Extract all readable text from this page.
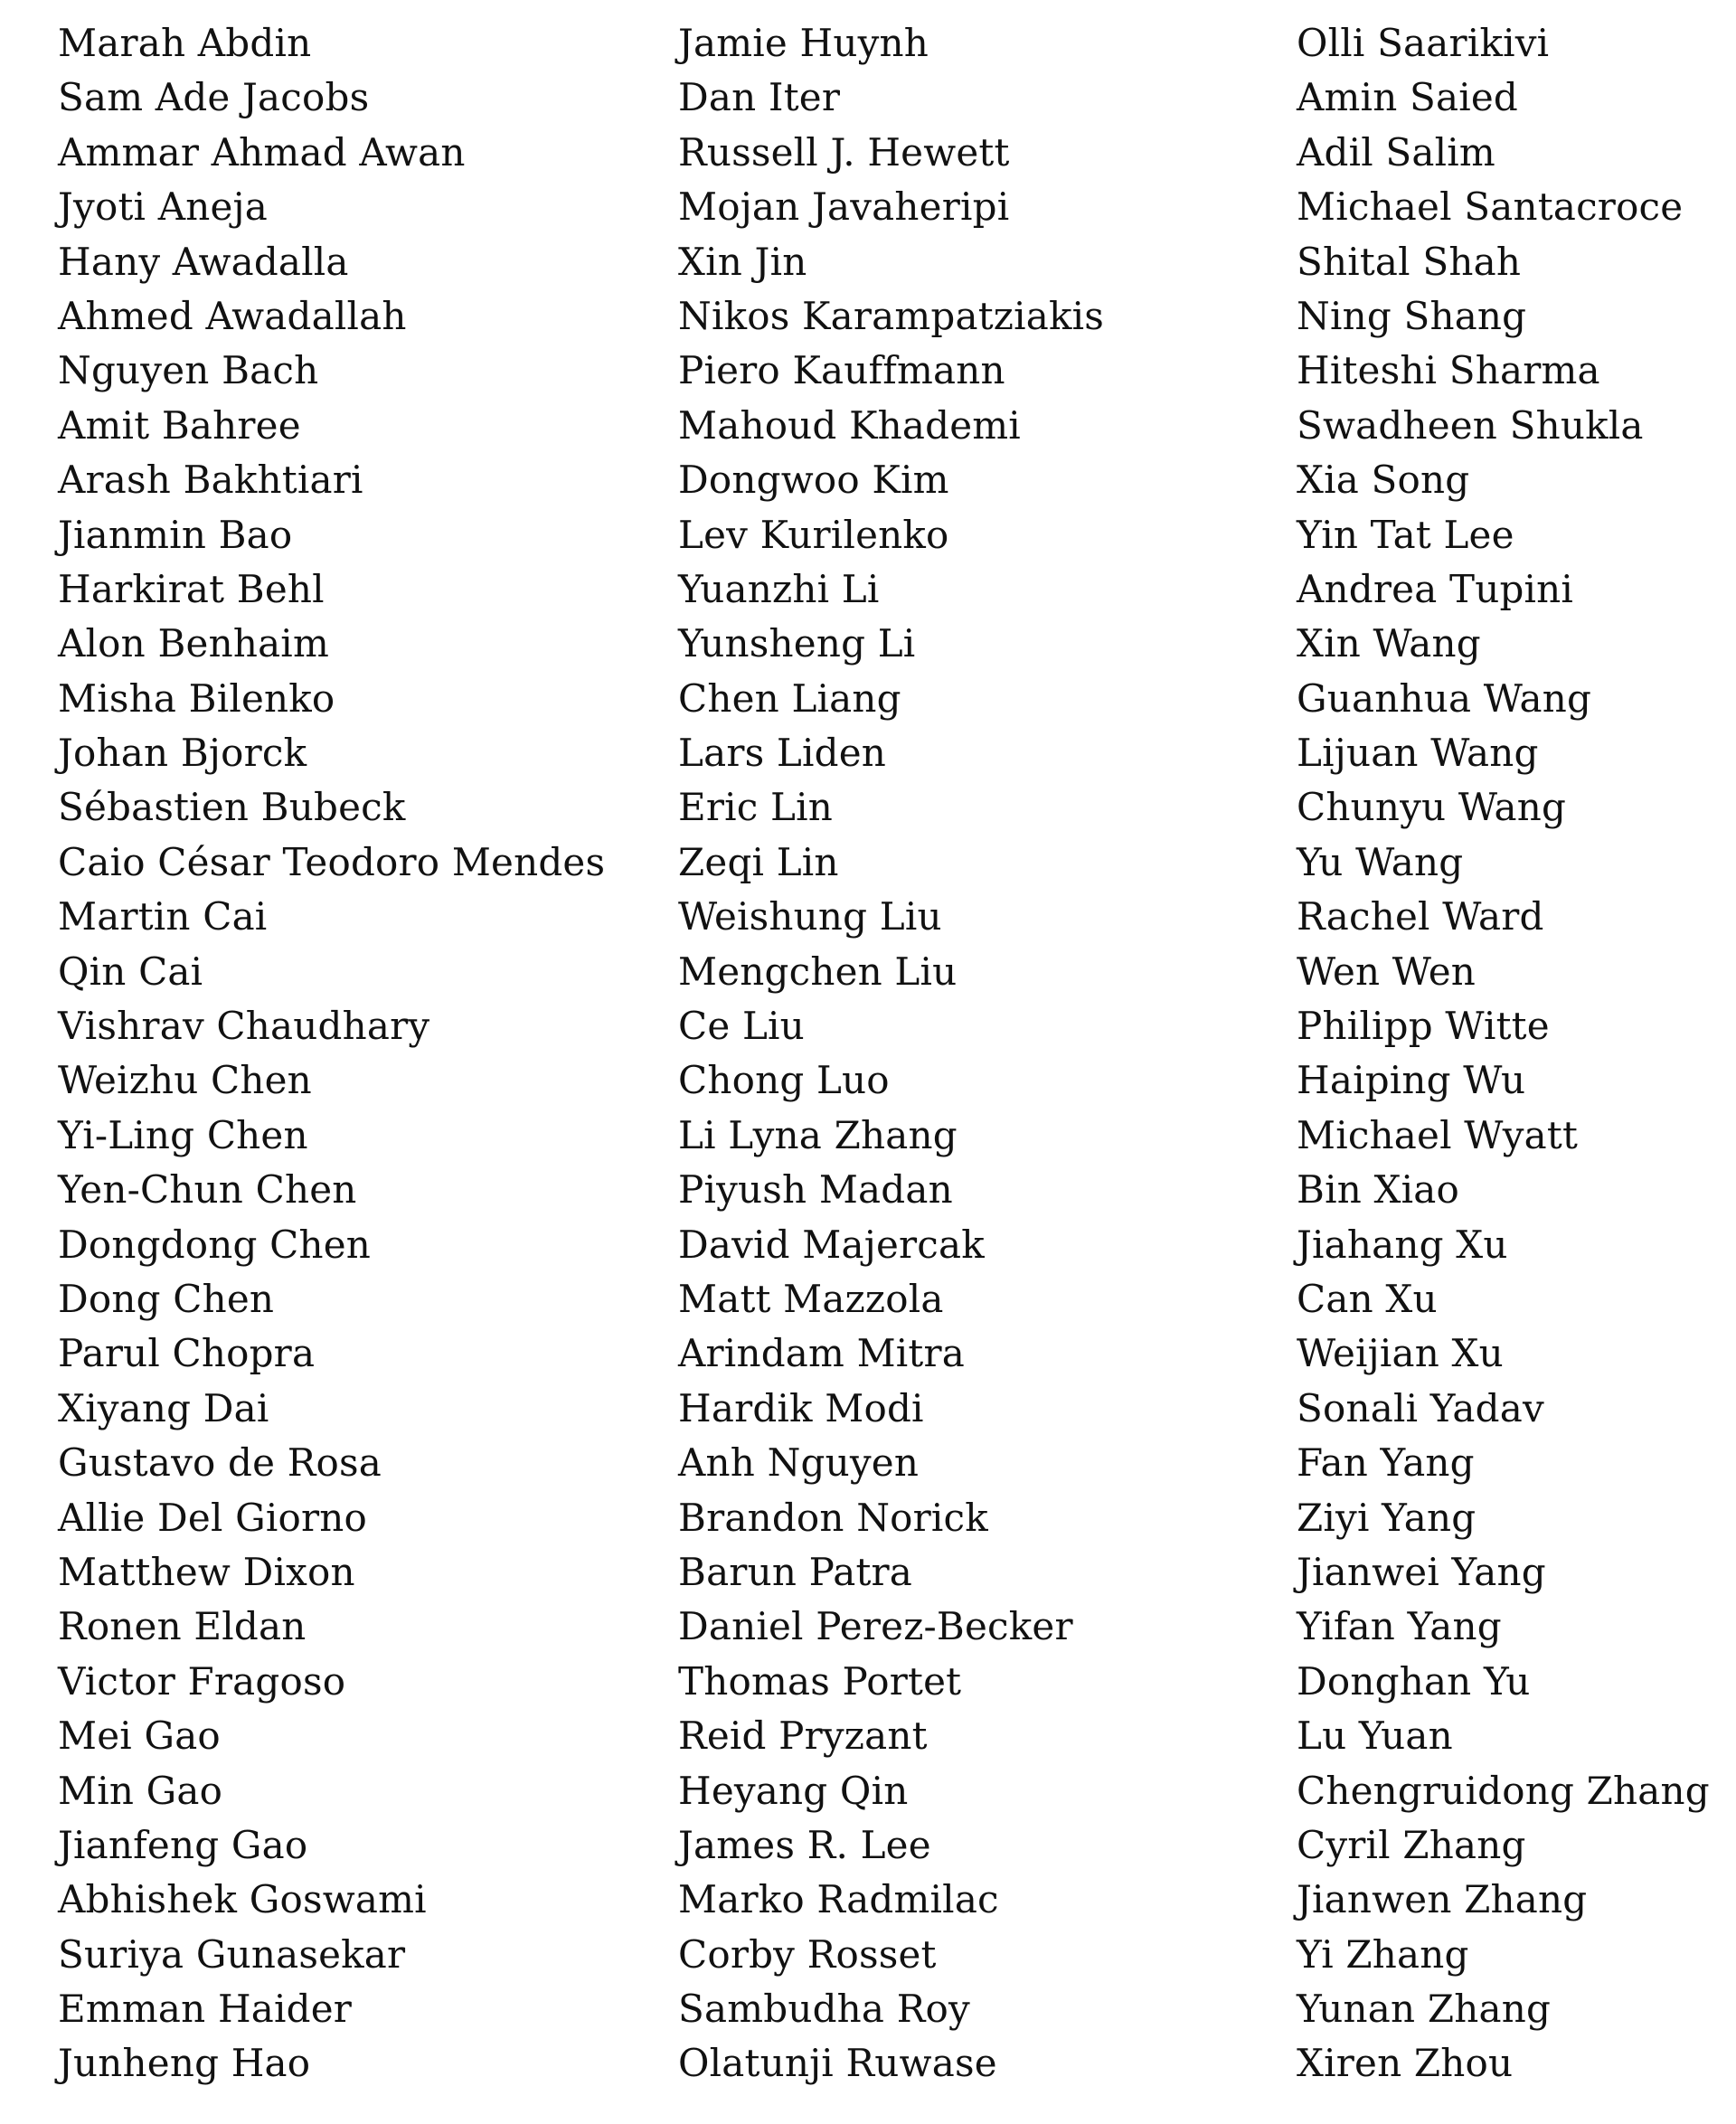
Marah Abdin
Sam Ade Jacobs
Ammar Ahmad Awan
Jyoti Aneja
Hany Awadalla
Ahmed Awadallah
Nguyen Bach
Amit Bahree
Arash Bakhtiari
Jianmin Bao
Harkirat Behl
Alon Benhaim
Misha Bilenko
Johan Bjorck
Sébastien Bubeck
Caio César Teodoro Mendes
Martin Cai
Qin Cai
Vishrav Chaudhary
Weizhu Chen
Yi-Ling Chen
Yen-Chun Chen
Dongdong Chen
Dong Chen
Parul Chopra
Xiyang Dai
Gustavo de Rosa
Allie Del Giorno
Matthew Dixon
Ronen Eldan
Victor Fragoso
Mei Gao
Min Gao
Jianfeng Gao
Abhishek Goswami
Suriya Gunasekar
Emman Haider
Junheng Hao
Jamie Huynh
Dan Iter
Russell J. Hewett
Mojan Javaheripi
Xin Jin
Nikos Karampatziakis
Piero Kauffmann
Mahoud Khademi
Dongwoo Kim
Lev Kurilenko
Yuanzhi Li
Yunsheng Li
Chen Liang
Lars Liden
Eric Lin
Zeqi Lin
Weishung Liu
Mengchen Liu
Ce Liu
Chong Luo
Li Lyna Zhang
Piyush Madan
David Majercak
Matt Mazzola
Arindam Mitra
Hardik Modi
Anh Nguyen
Brandon Norick
Barun Patra
Daniel Perez-Becker
Thomas Portet
Reid Pryzant
Heyang Qin
James R. Lee
Marko Radmilac
Corby Rosset
Sambudha Roy
Olatunji Ruwase
Olli Saarikivi
Amin Saied
Adil Salim
Michael Santacroce
Shital Shah
Ning Shang
Hiteshi Sharma
Swadheen Shukla
Xia Song
Yin Tat Lee
Andrea Tupini
Xin Wang
Guanhua Wang
Lijuan Wang
Chunyu Wang
Yu Wang
Rachel Ward
Wen Wen
Philipp Witte
Haiping Wu
Michael Wyatt
Bin Xiao
Jiahang Xu
Can Xu
Weijian Xu
Sonali Yadav
Fan Yang
Ziyi Yang
Jianwei Yang
Yifan Yang
Donghan Yu
Lu Yuan
Chengruidong Zhang
Cyril Zhang
Jianwen Zhang
Yi Zhang
Yunan Zhang
Xiren Zhou
